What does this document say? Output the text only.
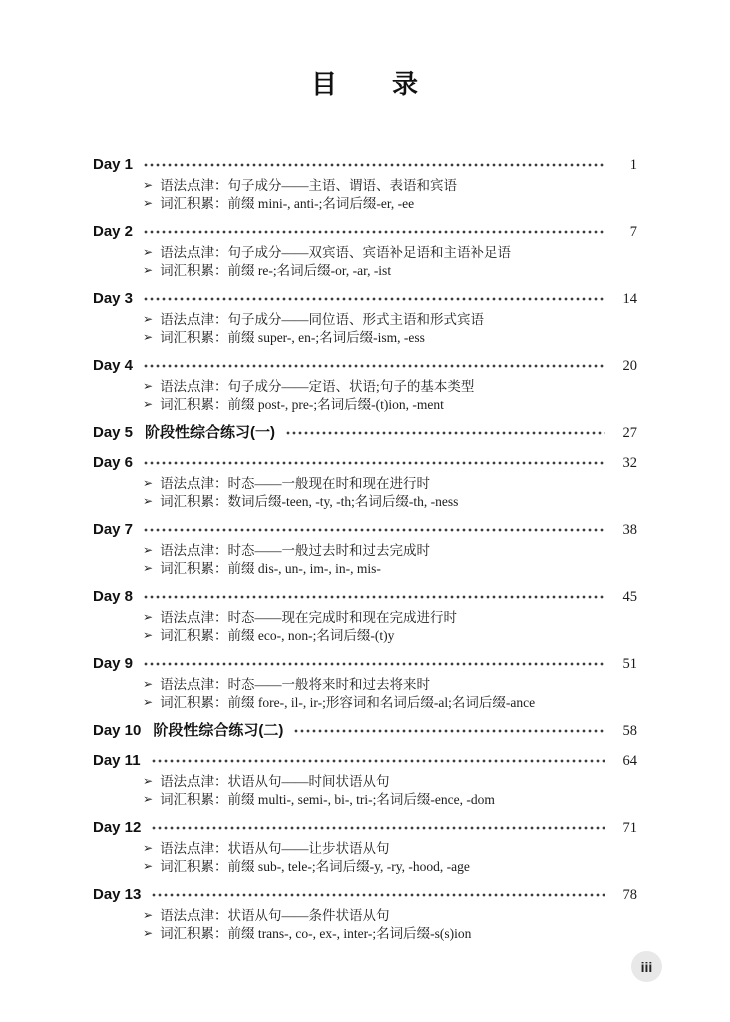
目　　录
Day 1	1
➢ 语法点津：句子成分——主语、谓语、表语和宾语
➢ 词汇积累：前缀 mini-, anti-;名词后缀-er, -ee
Day 2	7
➢ 语法点津：句子成分——双宾语、宾语补足语和主语补足语
➢ 词汇积累：前缀 re-;名词后缀-or, -ar, -ist
Day 3	14
➢ 语法点津：句子成分——同位语、形式主语和形式宾语
➢ 词汇积累：前缀 super-, en-;名词后缀-ism, -ess
Day 4	20
➢ 语法点津：句子成分——定语、状语;句子的基本类型
➢ 词汇积累：前缀 post-, pre-;名词后缀-(t)ion, -ment
Day 5 阶段性综合练习(一)	27
Day 6	32
➢ 语法点津：时态——一般现在时和现在进行时
➢ 词汇积累：数词后缀-teen, -ty, -th;名词后缀-th, -ness
Day 7	38
➢ 语法点津：时态——一般过去时和过去完成时
➢ 词汇积累：前缀 dis-, un-, im-, in-, mis-
Day 8	45
➢ 语法点津：时态——现在完成时和现在完成进行时
➢ 词汇积累：前缀 eco-, non-;名词后缀-(t)y
Day 9	51
➢ 语法点津：时态——一般将来时和过去将来时
➢ 词汇积累：前缀 fore-, il-, ir-;形容词和名词后缀-al;名词后缀-ance
Day 10 阶段性综合练习(二)	58
Day 11	64
➢ 语法点津：状语从句——时间状语从句
➢ 词汇积累：前缀 multi-, semi-, bi-, tri-;名词后缀-ence, -dom
Day 12	71
➢ 语法点津：状语从句——让步状语从句
➢ 词汇积累：前缀 sub-, tele-;名词后缀-y, -ry, -hood, -age
Day 13	78
➢ 语法点津：状语从句——条件状语从句
➢ 词汇积累：前缀 trans-, co-, ex-, inter-;名词后缀-s(s)ion
iii
